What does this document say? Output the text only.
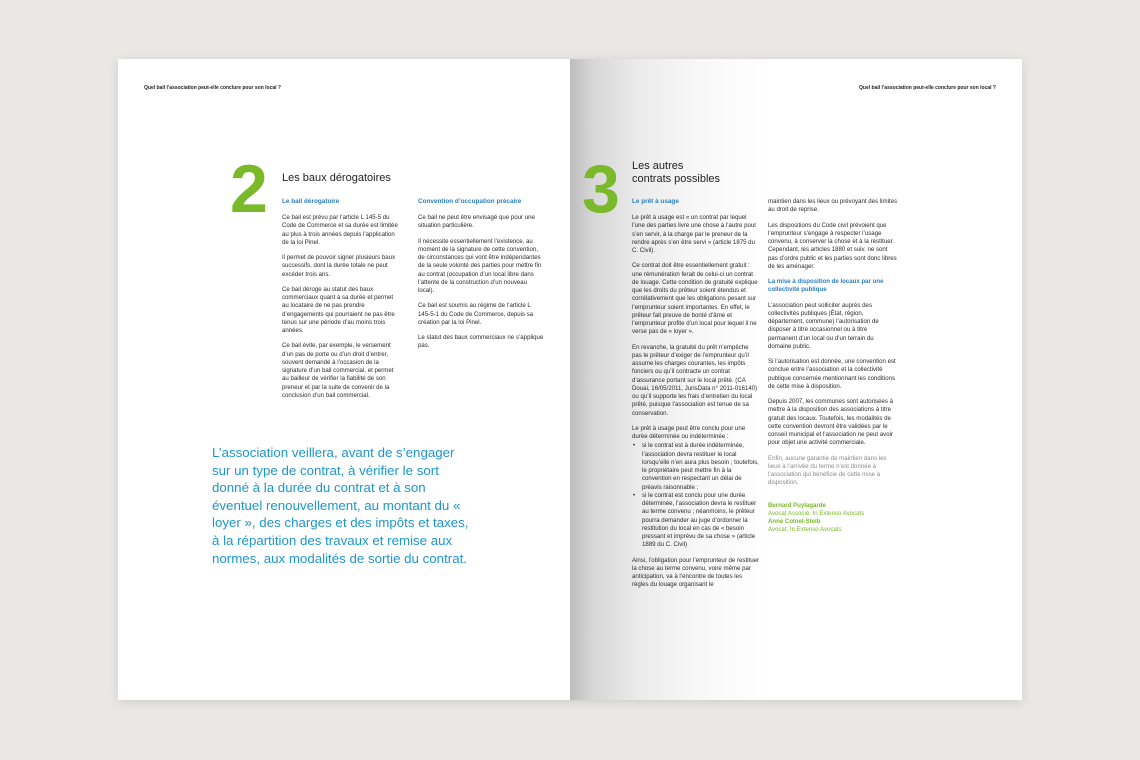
Quel bail l’association peut-elle conclure pour son local ?
2 Les baux dérogatoires
Le bail dérogatoire

Ce bail est prévu par l’article L 145-5 du Code de Commerce et sa durée est limitée au plus à trois années depuis l’application de la loi Pinel.

Il permet de pouvoir signer plusieurs baux successifs, dont la durée totale ne peut excéder trois ans.

Ce bail déroge au statut des baux commerciaux quant à sa durée et permet au locataire de ne pas prendre d’engagements qui pourraient ne pas être tenus sur une période d’au moins trois années.

Ce bail évite, par exemple, le versement d’un pas de porte ou d’un droit d’entrer, souvent demandé à l’occasion de la signature d’un bail commercial, et permet au bailleur de vérifier la fiabilité de son preneur et par la suite de convenir de la conclusion d’un bail commercial.

Convention d’occupation précaire

Ce bail ne peut être envisagé que pour une situation particulière.

Il nécessite essentiellement l’existence, au moment de la signature de cette convention, de circonstances qui vont être indépendantes de la seule volonté des parties pour mettre fin au contrat (occupation d’un local libre dans l’attente de la construction d’un nouveau local).

Ce bail est soumis au régime de l’article L 145-5-1 du Code de Commerce, depuis sa création par la loi Pinel.

Le statut des baux commerciaux ne s’applique pas.

L’association veillera, avant de s’engager sur un type de contrat, à vérifier le sort donné à la durée du contrat et à son éventuel renouvellement, au montant du « loyer », des charges et des impôts et taxes, à la répartition des travaux et remise aux normes, aux modalités de sortie du contrat.
Quel bail l’association peut-elle conclure pour son local ?
3 Les autres
contrats possibles
Le prêt à usage

Le prêt à usage est « un contrat par lequel l’une des parties livre une chose à l’autre pour s’en servir, à la charge par le preneur de la rendre après s’en être servi » (article 1875 du C. Civil).

Ce contrat doit être essentiellement gratuit : une rémunération ferait de celui-ci un contrat de louage. Cette condition de gratuité explique que les droits du prêteur soient étendus et corrélativement que les obligations pesant sur l’emprunteur soient importantes. En effet, le prêteur fait preuve de bonté d’âme et l’emprunteur profite d’un local pour lequel il ne verse pas de « loyer ».

En revanche, la gratuité du prêt n’empêche pas le prêteur d’exiger de l’emprunteur qu’il assume les charges courantes, les impôts fonciers ou qu’il contracte un contrat d’assurance portant sur le local prêté. (CA Douai, 16/05/2011, JurisData n° 2011-016140) ou qu’il supporte les frais d’entretien du local prêté, puisque l’association est tenue de sa conservation.

Le prêt à usage peut être conclu pour une durée déterminée ou indéterminée :

• si le contrat est à durée indéterminée, l’association devra restituer le local lorsqu’elle n’en aura plus besoin ; toutefois, le propriétaire peut mettre fin à la convention en respectant un délai de préavis raisonnable ;
• si le contrat est conclu pour une durée déterminée, l’association devra le restituer au terme convenu ; néanmoins, le prêteur pourra demander au juge d’ordonner la restitution du local en cas de « besoin pressant et imprévu de sa chose » (article 1889 du C. Civil)

Ainsi, l’obligation pour l’emprunteur de restituer la chose au terme convenu, voire même par anticipation, va à l’encontre de toutes les règles du louage organisant le

maintien dans les lieux ou prévoyant des limites au droit de reprise.

Les dispositions du Code civil prévoient que l’emprunteur s’engage à respecter l’usage convenu, à conserver la chose et à la restituer. Cependant, les articles 1880 et suiv. ne sont pas d’ordre public et les parties sont donc libres de les aménager.

La mise à disposition de locaux par une collectivité publique

L’association peut solliciter auprès des collectivités publiques (État, région, département, commune) l’autorisation de disposer à titre occasionnel ou à titre permanent d’un local ou d’un terrain du domaine public.

Si l’autorisation est donnée, une convention est conclue entre l’association et la collectivité publique concernée mentionnant les conditions de cette mise à disposition.

Depuis 2007, les communes sont autorisées à mettre à la disposition des associations à titre gratuit des locaux. Toutefois, les modalités de cette convention devront être validées par le conseil municipal et l’association ne peut avoir pour objet une activité commerciale.

Enfin, aucune garantie de maintien dans les lieux à l’arrivée du terme n’est donnée à l’association qui bénéficie de cette mise à disposition.

Bernard Puylagarde
Avocat Associé, In Extenso Avocats
Anne Colnel-Steib
Avocat, In Extenso Avocats
